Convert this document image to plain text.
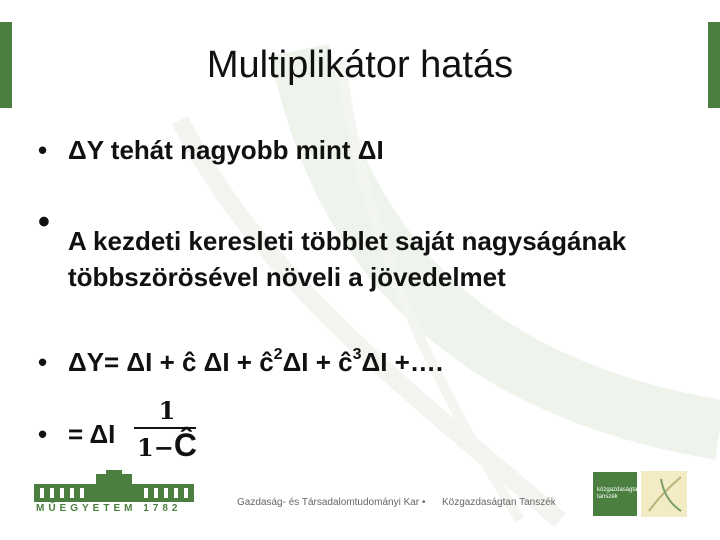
Multiplikátor hatás
• ΔY tehát nagyobb mint ΔI
• A kezdeti keresleti többlet saját nagyságának
többszörösével növeli a jövedelmet
• ΔY= ΔI + ĉ $\Delta I + ĉ^2\Delta I$ + $ĉ^3\Delta I$ +….
• = ΔI
1
1−Ĉ
MŰEGYETEM 1782
Gazdaság- és Társadalomtudományi Kar • Közgazdaságtan Tanszék
közgazdaságtan tanszék
